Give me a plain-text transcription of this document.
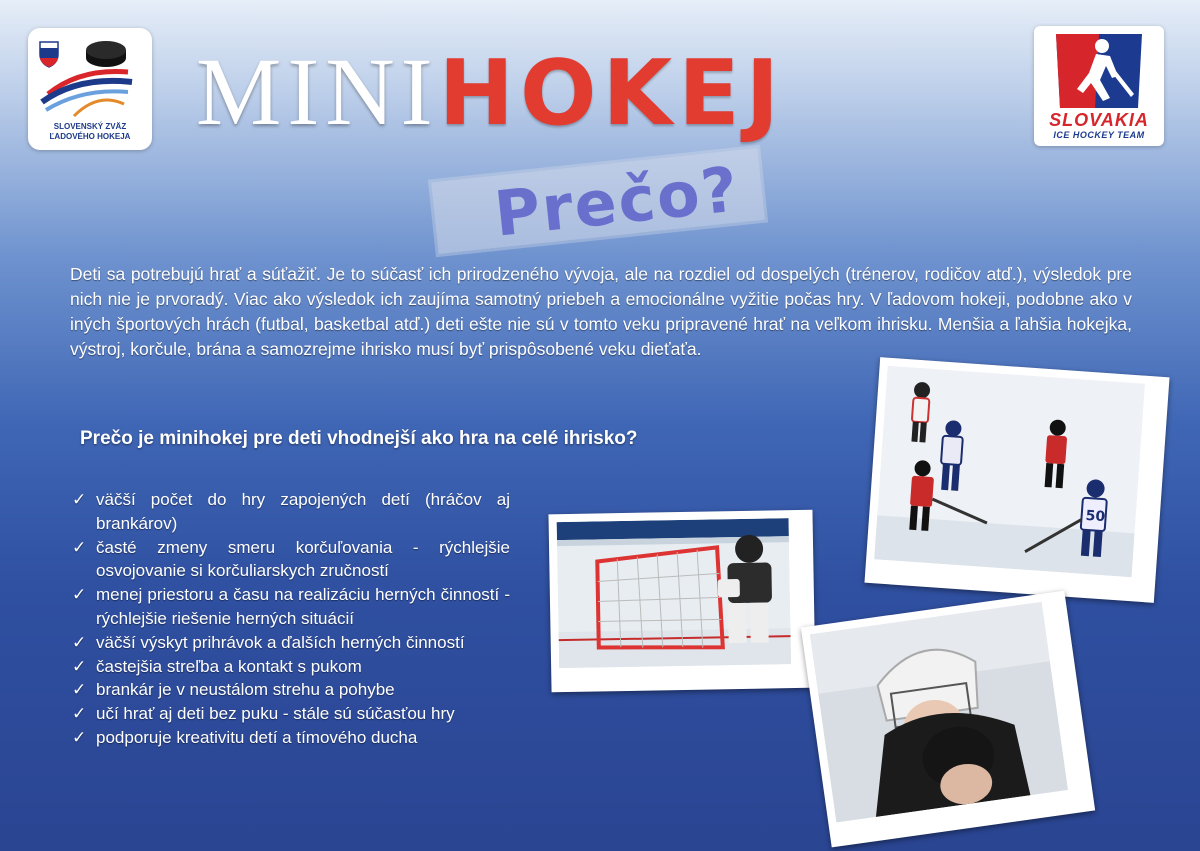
SLOVENSKÝ ZVÄZ ĽADOVÉHO HOKEJA MINIHOKEJ	SLOVAKIA
ICE HOCKEY TEAM
Prečo?
Deti sa potrebujú hrať a súťažiť. Je to súčasť ich prirodzeného vývoja, ale na rozdiel od dospelých (trénerov, rodičov atď.), výsledok pre nich nie je prvoradý. Viac ako výsledok ich zaujíma samotný priebeh a emocionálne vyžitie počas hry. V ľadovom hokeji, podobne ako v iných športových hrách (futbal, basketbal atď.) deti ešte nie sú v tomto veku pripravené hrať na veľkom ihrisku. Menšia a ľahšia hokejka, výstroj, korčule, brána a samozrejme ihrisko musí byť prispôsobené veku dieťaťa.
Prečo je minihokej pre deti vhodnejší ako hra na celé ihrisko?
✓ väčší počet do hry zapojených detí (hráčov aj brankárov)
✓ časté zmeny smeru korčuľovania - rýchlejšie osvojovanie si korčuliarskych zručností
✓ menej priestoru a času na realizáciu herných činností - rýchlejšie riešenie herných situácií
✓ väčší výskyt prihrávok a ďalších herných činností
✓ častejšia streľba a kontakt s pukom
✓ brankár je v neustálom strehu a pohybe
✓ učí hrať aj deti bez puku - stále sú súčasťou hry
✓ podporuje kreativitu detí a tímového ducha
50
